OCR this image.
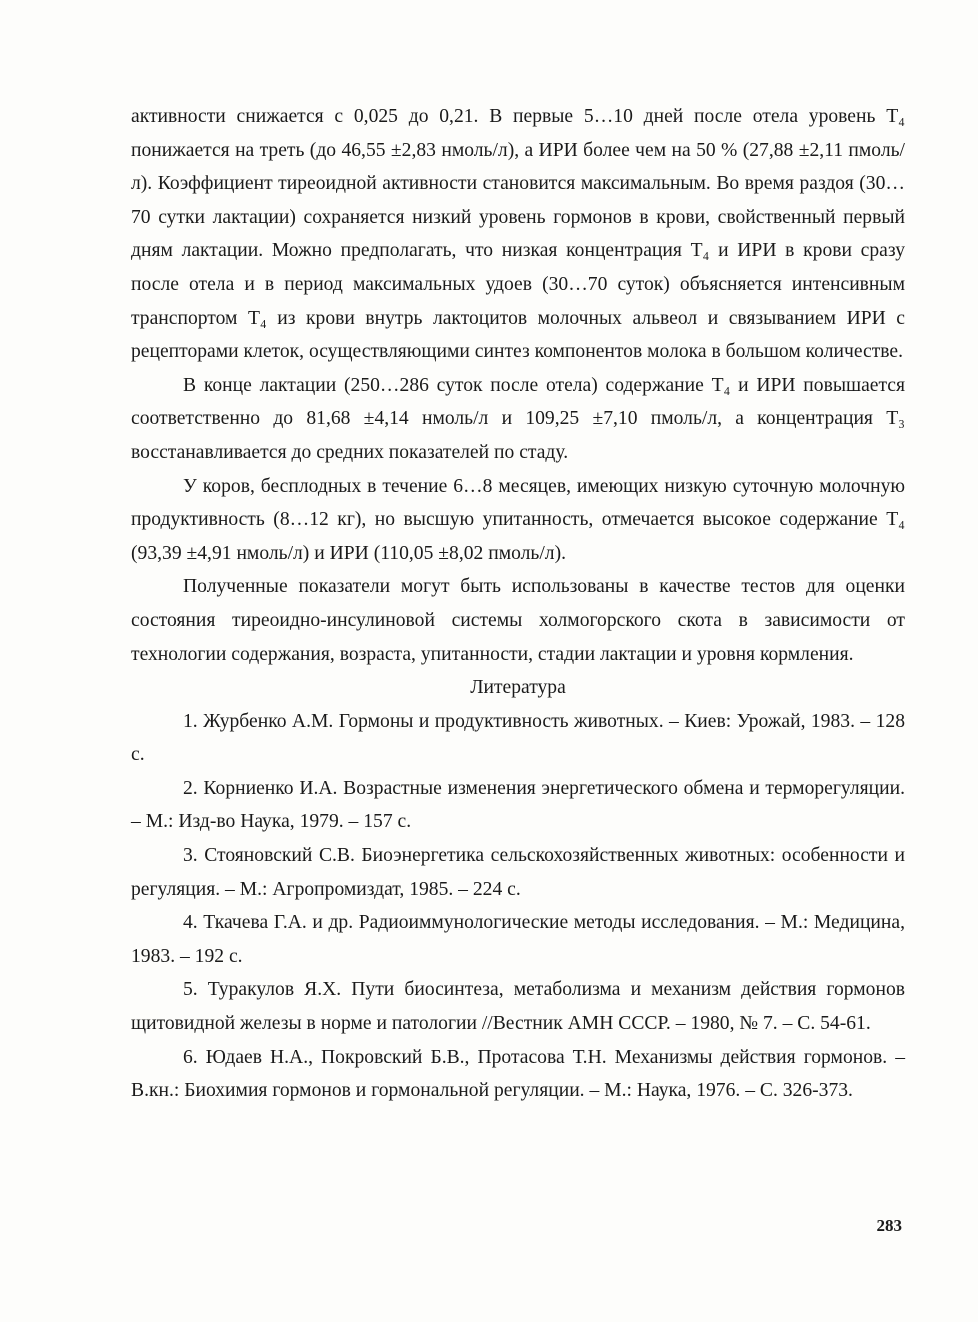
активности снижается с 0,025 до 0,21. В первые 5…10 дней после отела уровень T₄ понижается на треть (до 46,55 ±2,83 нмоль/л), а ИРИ более чем на 50 % (27,88 ±2,11 пмоль/л). Коэффициент тиреоидной активности становится максимальным. Во время раздоя (30…70 сутки лактации) сохраняется низкий уровень гормонов в крови, свойственный первый дням лактации. Можно предполагать, что низкая концентрация T₄ и ИРИ в крови сразу после отела и в период максимальных удоев (30…70 суток) объясняется интенсивным транспортом T₄ из крови внутрь лактоцитов молочных альвеол и связыванием ИРИ с рецепторами клеток, осуществляющими синтез компонентов молока в большом количестве.

В конце лактации (250…286 суток после отела) содержание T₄ и ИРИ повышается соответственно до 81,68 ±4,14 нмоль/л и 109,25 ±7,10 пмоль/л, а концентрация T₃ восстанавливается до средних показателей по стаду.

У коров, бесплодных в течение 6…8 месяцев, имеющих низкую суточную молочную продуктивность (8…12 кг), но высшую упитанность, отмечается высокое содержание T₄ (93,39 ±4,91 нмоль/л) и ИРИ (110,05 ±8,02 пмоль/л).

Полученные показатели могут быть использованы в качестве тестов для оценки состояния тиреоидно-инсулиновой системы холмогорского скота в зависимости от технологии содержания, возраста, упитанности, стадии лактации и уровня кормления.

Литература

1. Журбенко А.М. Гормоны и продуктивность животных. – Киев: Урожай, 1983. – 128 с.

2. Корниенко И.А. Возрастные изменения энергетического обмена и терморегуляции. – М.: Изд-во Наука, 1979. – 157 с.

3. Стояновский С.В. Биоэнергетика сельскохозяйственных животных: особенности и регуляция. – М.: Агропромиздат, 1985. – 224 с.

4. Ткачева Г.А. и др. Радиоиммунологические методы исследования. – М.: Медицина, 1983. – 192 с.

5. Туракулов Я.Х. Пути биосинтеза, метаболизма и механизм действия гормонов щитовидной железы в норме и патологии //Вестник АМН СССР. – 1980, № 7. – С. 54-61.

6. Юдаев Н.А., Покровский Б.В., Протасова Т.Н. Механизмы действия гормонов. – В.кн.: Биохимия гормонов и гормональной регуляции. – М.: Наука, 1976. – С. 326-373.

283
